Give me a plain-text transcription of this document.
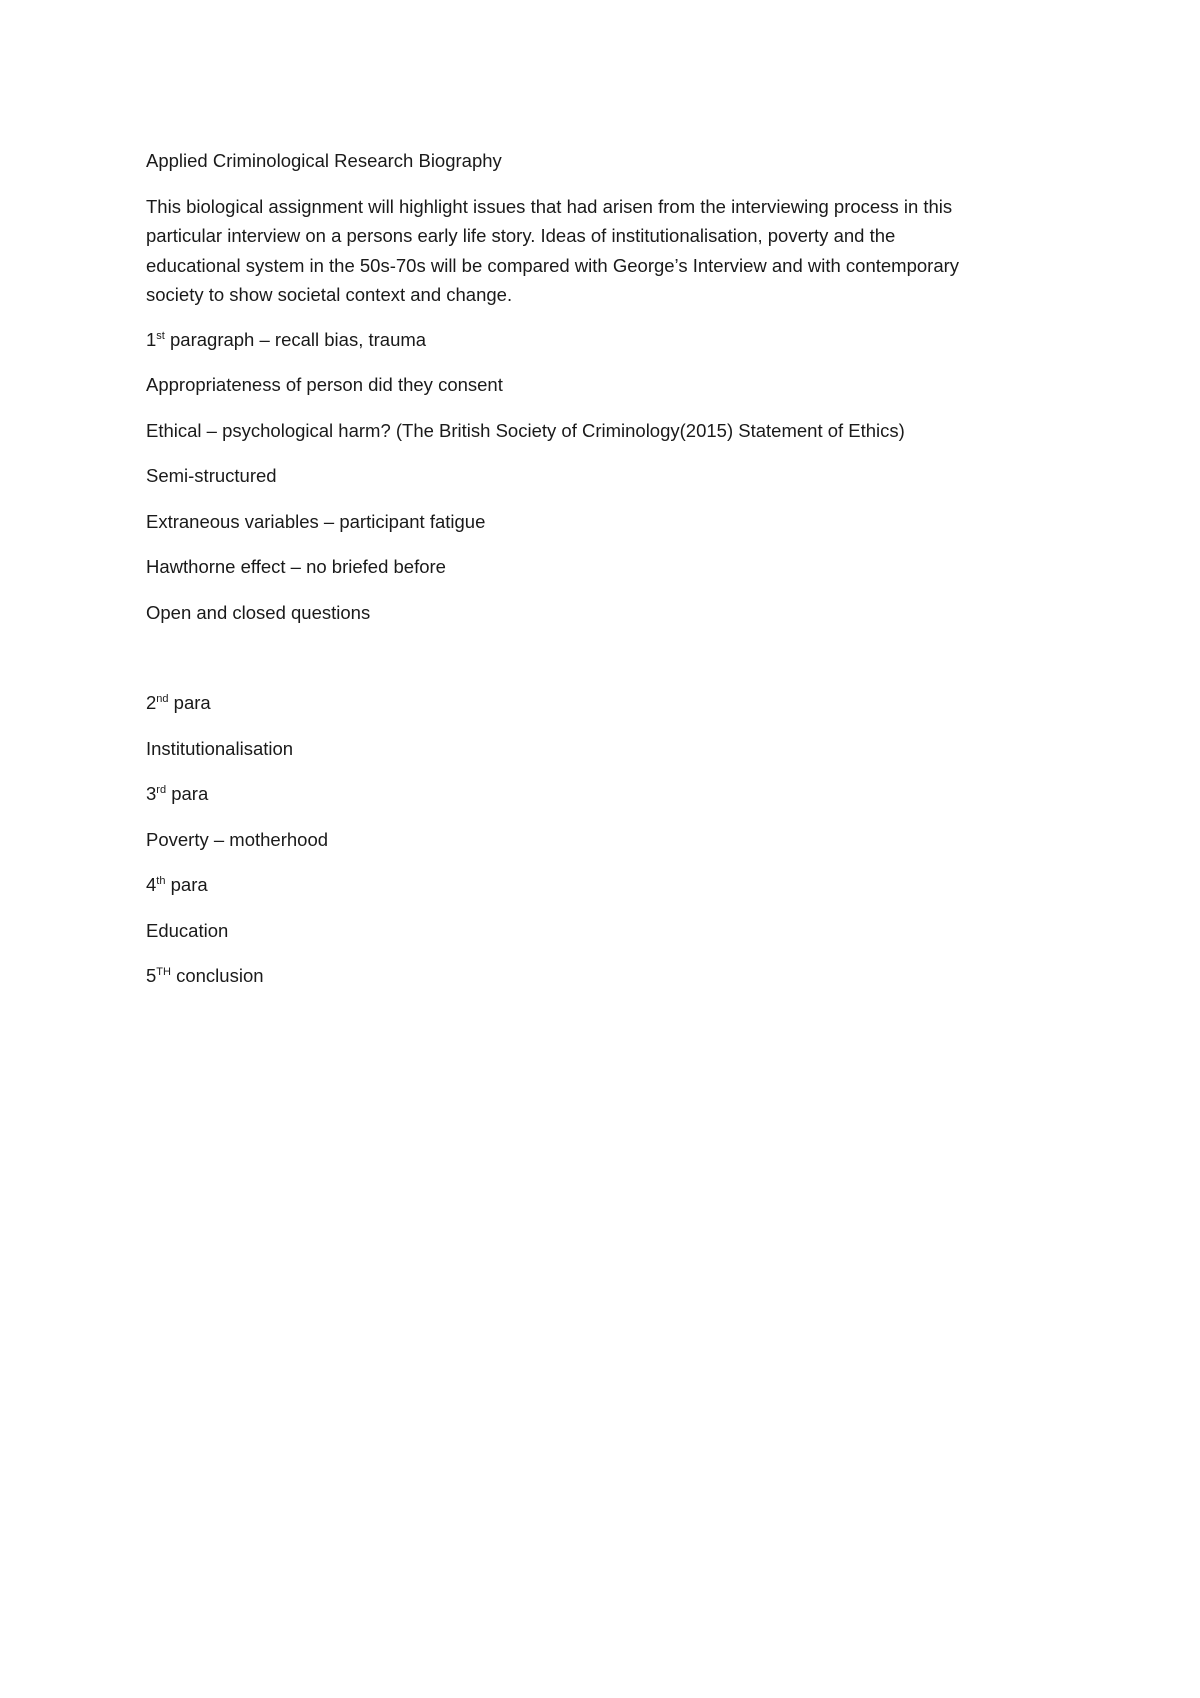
Applied Criminological Research Biography

This biological assignment will highlight issues that had arisen from the interviewing process in this

particular interview on a persons early life story. Ideas of institutionalisation, poverty and the

educational system in the 50s-70s will be compared with George’s Interview and with contemporary

society to show societal context and change.

1st paragraph – recall bias, trauma

Appropriateness of person did they consent

Ethical – psychological harm? (The British Society of Criminology(2015) Statement of Ethics)

Semi-structured

Extraneous variables – participant fatigue

Hawthorne effect – no briefed before

Open and closed questions

2nd para

Institutionalisation

3rd para

Poverty – motherhood

4th para

Education

5TH conclusion
